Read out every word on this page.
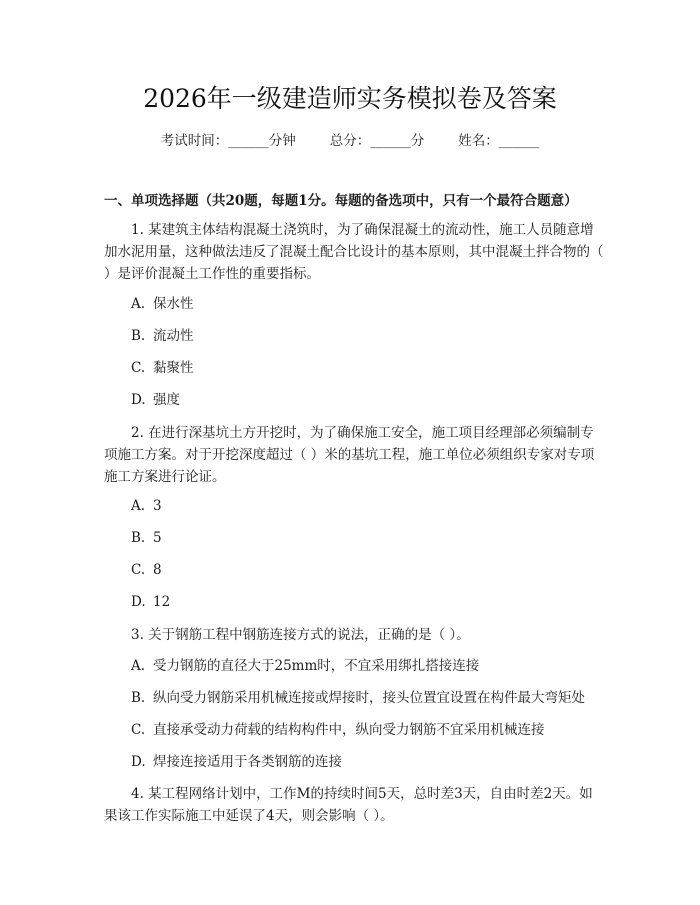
2026年一级建造师实务模拟卷及答案
考试时间：______分钟	总分：______分	姓名：______
一、单项选择题（共20题，每题1分。每题的备选项中，只有一个最符合题意）
1. 某建筑主体结构混凝土浇筑时，为了确保混凝土的流动性，施工人员随意增加水泥用量，这种做法违反了混凝土配合比设计的基本原则，其中混凝土拌合物的（ ）是评价混凝土工作性的重要指标。
A. 保水性
B. 流动性
C. 黏聚性
D. 强度
2. 在进行深基坑土方开挖时，为了确保施工安全，施工项目经理部必须编制专项施工方案。对于开挖深度超过（ ）米的基坑工程，施工单位必须组织专家对专项施工方案进行论证。
A. 3
B. 5
C. 8
D. 12
3. 关于钢筋工程中钢筋连接方式的说法，正确的是（ ）。
A. 受力钢筋的直径大于25mm时，不宜采用绑扎搭接连接
B. 纵向受力钢筋采用机械连接或焊接时，接头位置宜设置在构件最大弯矩处
C. 直接承受动力荷载的结构构件中，纵向受力钢筋不宜采用机械连接
D. 焊接连接适用于各类钢筋的连接
4. 某工程网络计划中，工作M的持续时间5天，总时差3天，自由时差2天。如果该工作实际施工中延误了4天，则会影响（ ）。
